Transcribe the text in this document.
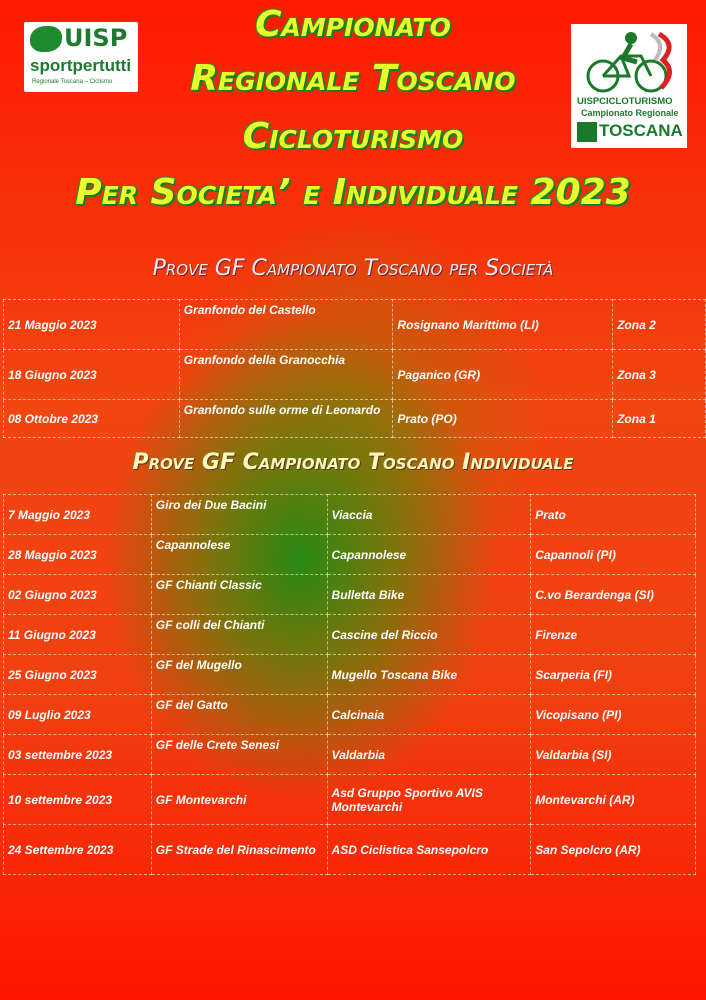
UISP
sportpertutti
Regionale Toscana – Ciclismo
UISPCICLOTURISMO
Campionato Regionale
TOSCANA
Campionato
Regionale Toscano
Cicloturismo
Per Societa’ e Individuale 2023
Prove GF Campionato Toscano per Società
21 Maggio 2023	Granfondo del Castello	Rosignano Marittimo (LI)	Zona 2
18 Giugno 2023	Granfondo della Granocchia	Paganico (GR)	Zona 3
08 Ottobre 2023	Granfondo sulle orme di Leonardo	Prato (PO)	Zona 1
Prove GF Campionato Toscano Individuale
7 Maggio 2023	Giro dei Due Bacini	Viaccia	Prato
28 Maggio 2023	Capannolese	Capannolese	Capannoli (PI)
02 Giugno 2023	GF Chianti Classic	Bulletta Bike	C.vo Berardenga (SI)
11 Giugno 2023	GF colli del Chianti	Cascine del Riccio	Firenze
25 Giugno 2023	GF del Mugello	Mugello Toscana Bike	Scarperia (FI)
09 Luglio 2023	GF del Gatto	Calcinaia	Vicopisano (PI)
03 settembre 2023	GF delle Crete Senesi	Valdarbia	Valdarbia (SI)
10 settembre 2023	GF Montevarchi	Asd Gruppo Sportivo AVIS Montevarchi	Montevarchi (AR)
24 Settembre 2023	GF Strade del Rinascimento	ASD Ciclistica Sansepolcro	San Sepolcro (AR)
